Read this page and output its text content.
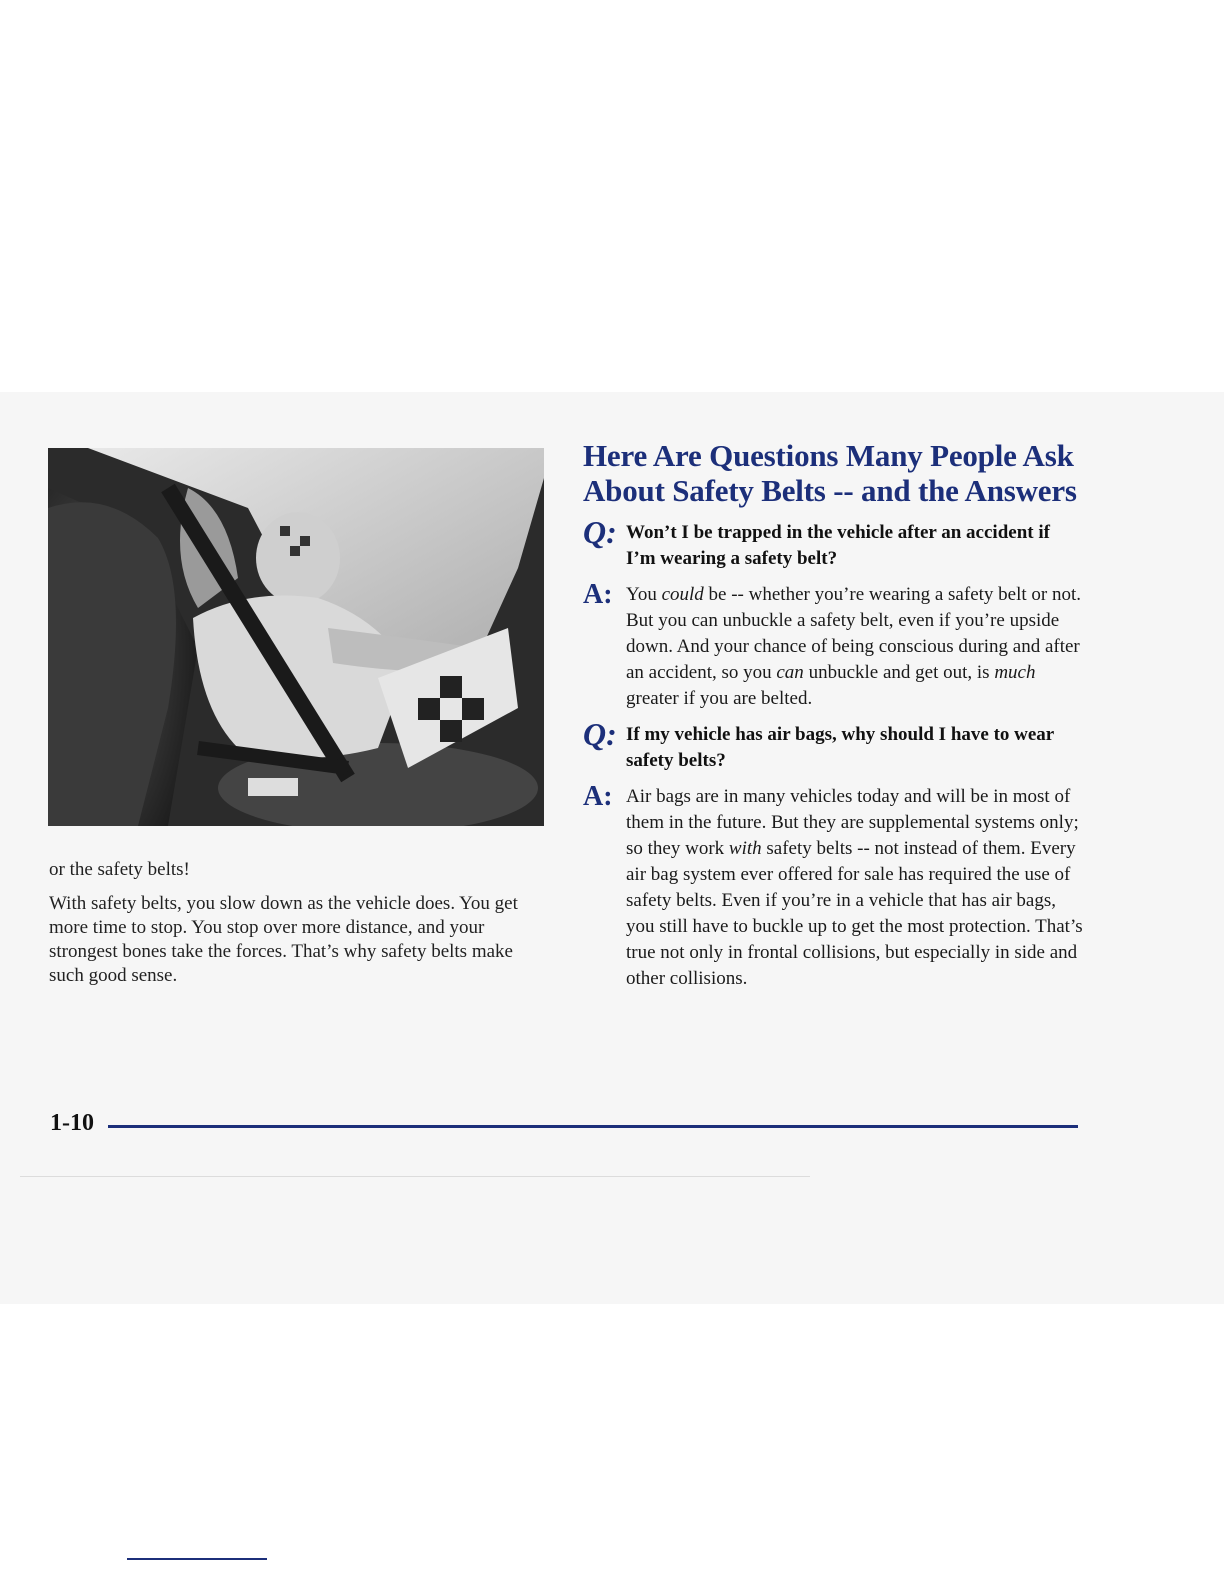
or the safety belts!

With safety belts, you slow down as the vehicle does. You get more time to stop. You stop over more distance, and your strongest bones take the forces. That’s why safety belts make such good sense.

Here Are Questions Many People Ask About Safety Belts -- and the Answers
Q: Won’t I be trapped in the vehicle after an accident if I’m wearing a safety belt?
A: You could be -- whether you’re wearing a safety belt or not. But you can unbuckle a safety belt, even if you’re upside down. And your chance of being conscious during and after an accident, so you can unbuckle and get out, is much greater if you are belted.
Q: If my vehicle has air bags, why should I have to wear safety belts?
A: Air bags are in many vehicles today and will be in most of them in the future. But they are supplemental systems only; so they work with safety belts -- not instead of them. Every air bag system ever offered for sale has required the use of safety belts. Even if you’re in a vehicle that has air bags, you still have to buckle up to get the most protection. That’s true not only in frontal collisions, but especially in side and other collisions.
1-10
